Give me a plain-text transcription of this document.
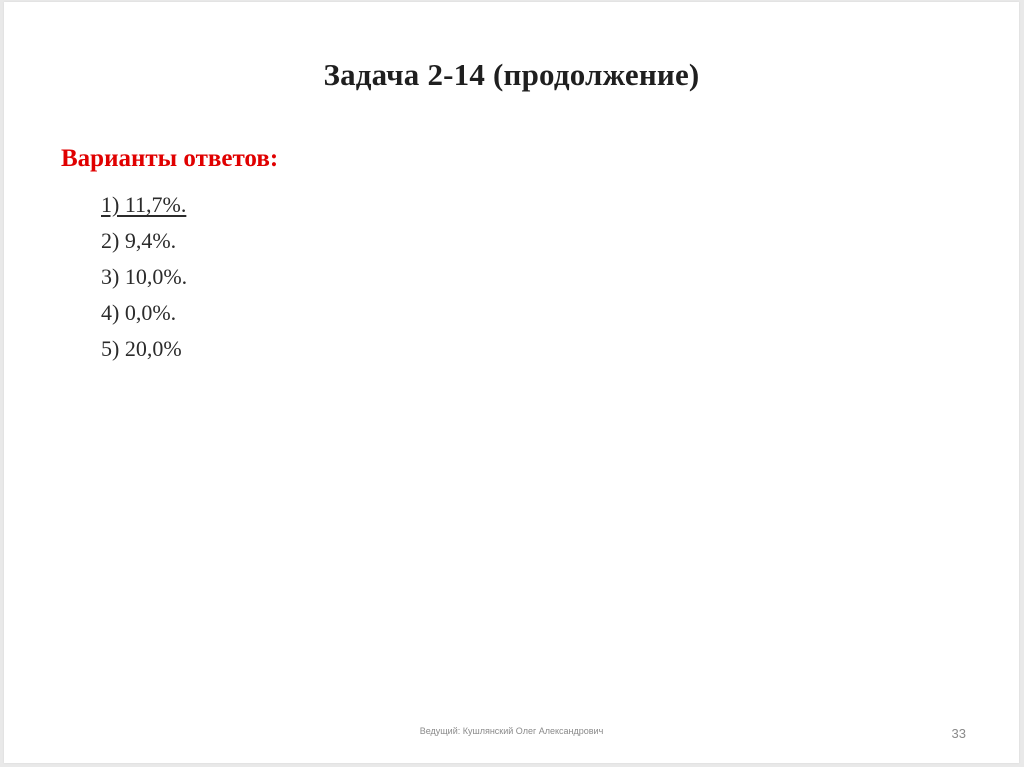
Задача 2-14 (продолжение)
Варианты ответов:
1) 11,7%.
2) 9,4%.
3) 10,0%.
4) 0,0%.
5) 20,0%
Ведущий: Кушлянский Олег Александрович	33
